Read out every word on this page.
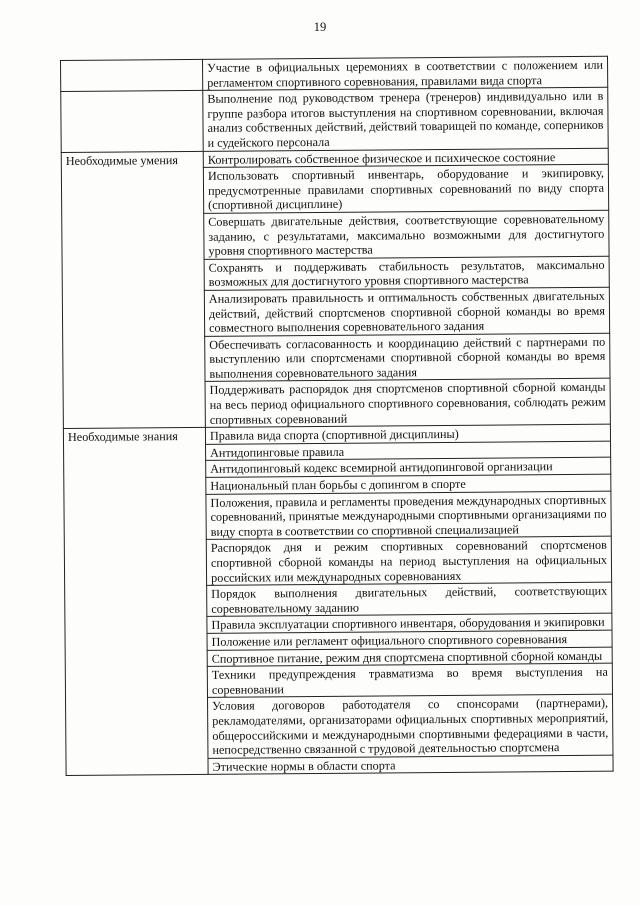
19
	Участие в официальных церемониях в соответствии с положением или регламентом спортивного соревнования, правилами вида спорта
	Выполнение под руководством тренера (тренеров) индивидуально или в группе разбора итогов выступления на спортивном соревновании, включая анализ собственных действий, действий товарищей по команде, соперников и судейского персонала
Необходимые умения	Контролировать собственное физическое и психическое состояние
	Использовать спортивный инвентарь, оборудование и экипировку, предусмотренные правилами спортивных соревнований по виду спорта (спортивной дисциплине)
	Совершать двигательные действия, соответствующие соревновательному заданию, с результатами, максимально возможными для достигнутого уровня спортивного мастерства
	Сохранять и поддерживать стабильность результатов, максимально возможных для достигнутого уровня спортивного мастерства
	Анализировать правильность и оптимальность собственных двигательных действий, действий спортсменов спортивной сборной команды во время совместного выполнения соревновательного задания
	Обеспечивать согласованность и координацию действий с партнерами по выступлению или спортсменами спортивной сборной команды во время выполнения соревновательного задания
	Поддерживать распорядок дня спортсменов спортивной сборной команды на весь период официального спортивного соревнования, соблюдать режим спортивных соревнований
Необходимые знания	Правила вида спорта (спортивной дисциплины)
	Антидопинговые правила
	Антидопинговый кодекс всемирной антидопинговой организации
	Национальный план борьбы с допингом в спорте
	Положения, правила и регламенты проведения международных спортивных соревнований, принятые международными спортивными организациями по виду спорта в соответствии со спортивной специализацией
	Распорядок дня и режим спортивных соревнований спортсменов спортивной сборной команды на период выступления на официальных российских или международных соревнованиях
	Порядок выполнения двигательных действий, соответствующих соревновательному заданию
	Правила эксплуатации спортивного инвентаря, оборудования и экипировки
	Положение или регламент официального спортивного соревнования
	Спортивное питание, режим дня спортсмена спортивной сборной команды
	Техники предупреждения травматизма во время выступления на соревновании
	Условия договоров работодателя со спонсорами (партнерами), рекламодателями, организаторами официальных спортивных мероприятий, общероссийскими и международными спортивными федерациями в части, непосредственно связанной с трудовой деятельностью спортсмена
	Этические нормы в области спорта
